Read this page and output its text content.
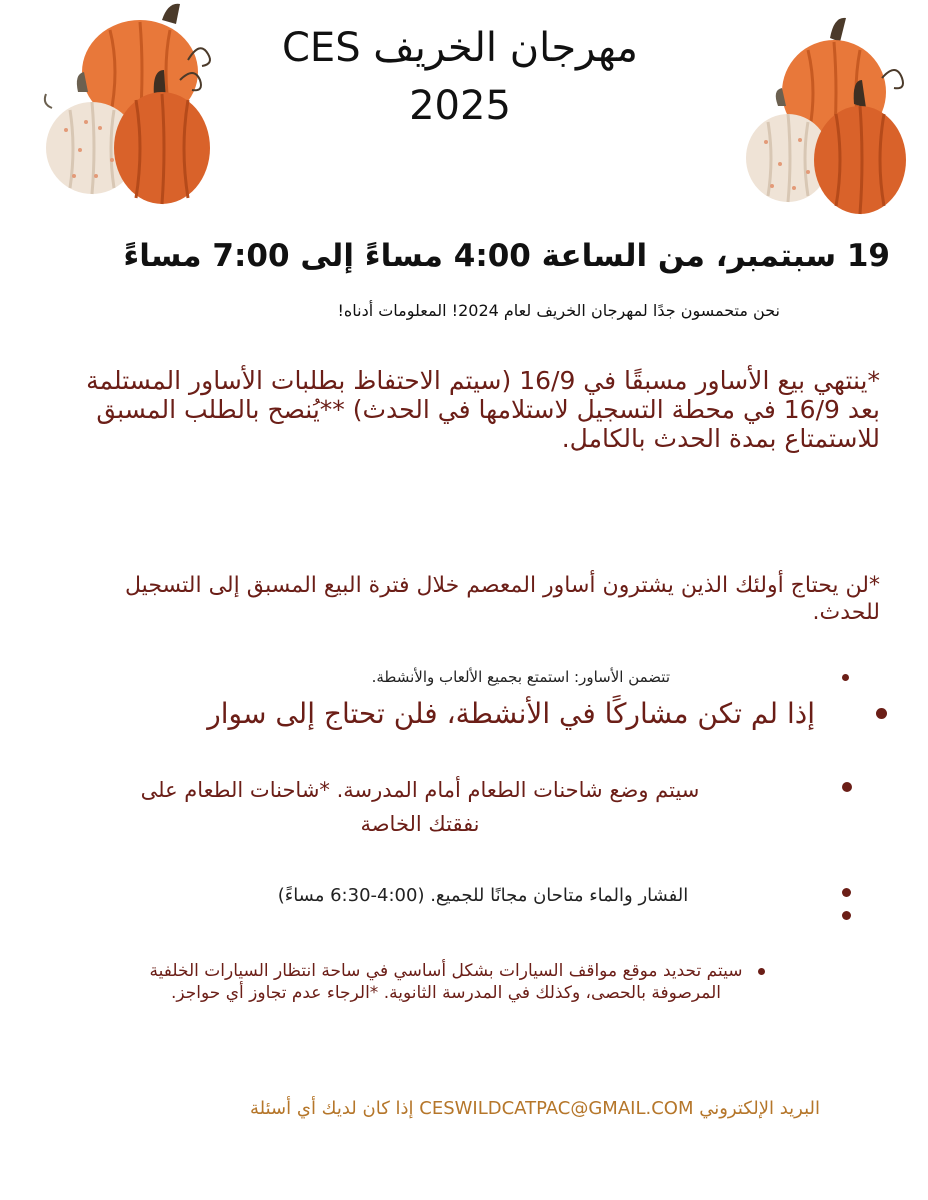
مهرجان الخريف CES
2025
19 سبتمبر، من الساعة 4:00 مساءً إلى 7:00 مساءً
نحن متحمسون جدًا لمهرجان الخريف لعام 2024! المعلومات أدناه!
*ينتهي بيع الأساور مسبقًا في 16/9 (سيتم الاحتفاظ بطلبات الأساور المستلمة بعد 16/9 في محطة التسجيل لاستلامها في الحدث) **يُنصح بالطلب المسبق للاستمتاع بمدة الحدث بالكامل.
*لن يحتاج أولئك الذين يشترون أساور المعصم خلال فترة البيع المسبق إلى التسجيل للحدث.
تتضمن الأساور: استمتع بجميع الألعاب والأنشطة.
إذا لم تكن مشاركًا في الأنشطة، فلن تحتاج إلى سوار
سيتم وضع شاحنات الطعام أمام المدرسة. *شاحنات الطعام على نفقتك الخاصة
الفشار والماء متاحان مجانًا للجميع. (4:00-6:30 مساءً)
سيتم تحديد موقع مواقف السيارات بشكل أساسي في ساحة انتظار السيارات الخلفية المرصوفة بالحصى، وكذلك في المدرسة الثانوية. *الرجاء عدم تجاوز أي حواجز.
البريد الإلكتروني CESWILDCATPAC@GMAIL.COM إذا كان لديك أي أسئلة
